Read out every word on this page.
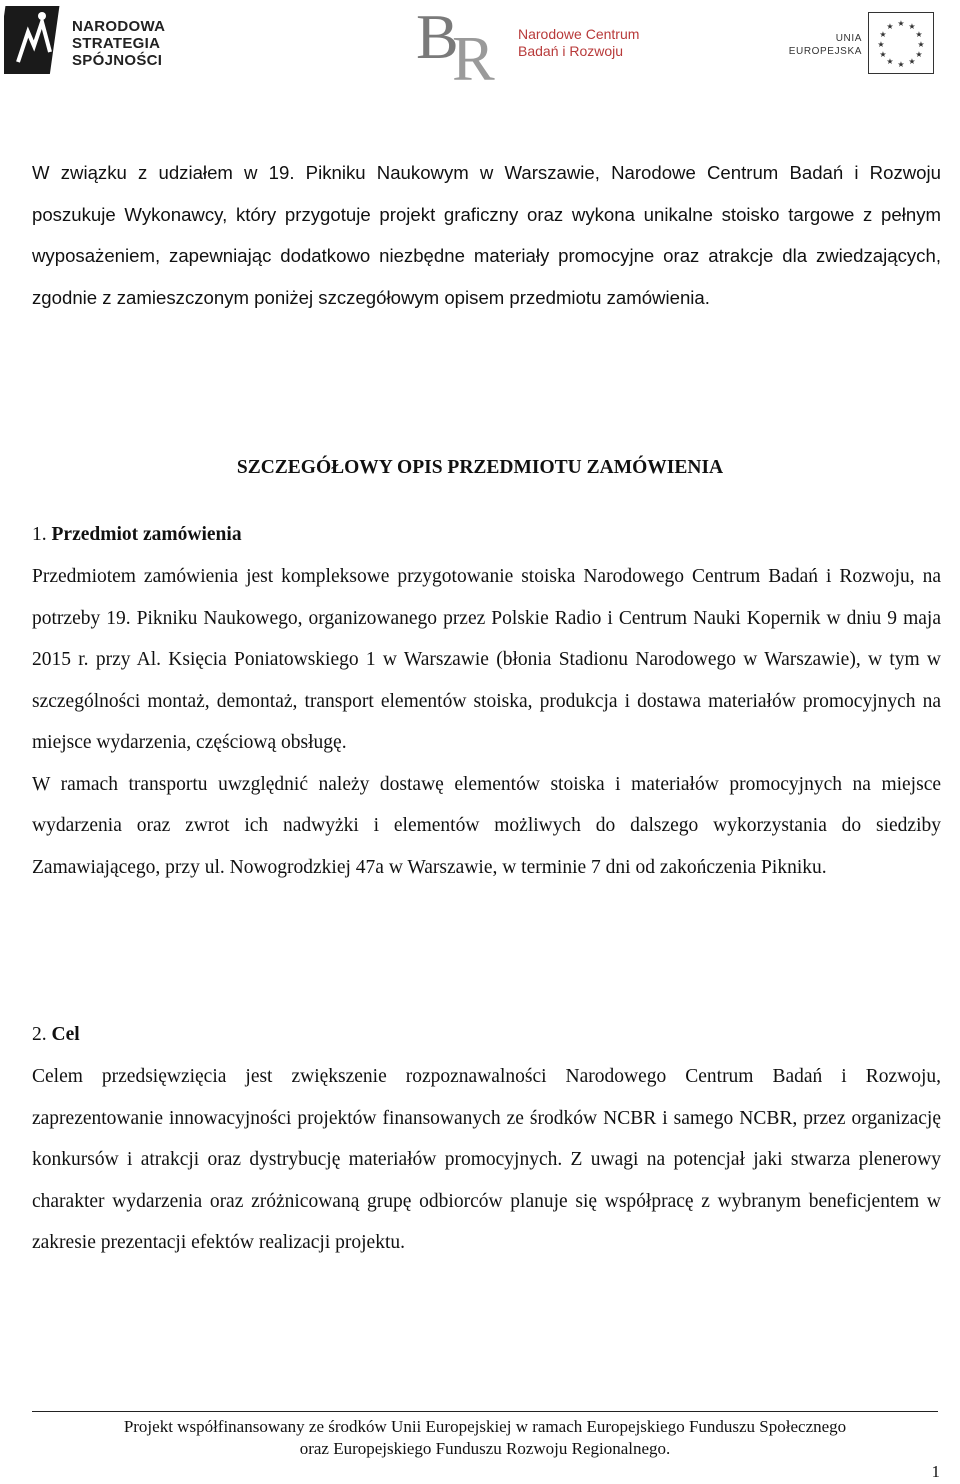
NARODOWA
STRATEGIA SPÓJNOŚCI	B
R Narodowe Centrum
Badań i Rozwoju
UNIA
EUROPEJSKA
★ ★
★
★
★
★
★
★
★
★
★
★

W związku z udziałem w 19. Pikniku Naukowym w Warszawie, Narodowe Centrum Badań i Rozwoju poszukuje Wykonawcy, który przygotuje projekt graficzny oraz wykona unikalne stoisko targowe z pełnym wyposażeniem, zapewniając dodatkowo niezbędne materiały promocyjne oraz atrakcje dla zwiedzających, zgodnie z zamieszczonym poniżej szczegółowym opisem przedmiotu zamówienia.

SZCZEGÓŁOWY OPIS PRZEDMIOTU ZAMÓWIENIA
1. Przedmiot zamówienia

Przedmiotem zamówienia jest kompleksowe przygotowanie stoiska Narodowego Centrum Badań i Rozwoju, na potrzeby 19. Pikniku Naukowego, organizowanego przez Polskie Radio i Centrum Nauki Kopernik w dniu 9 maja 2015 r. przy Al. Księcia Poniatowskiego 1 w Warszawie (błonia Stadionu Narodowego w Warszawie), w tym w szczególności montaż, demontaż, transport elementów stoiska, produkcja i dostawa materiałów promocyjnych na miejsce wydarzenia, częściową obsługę.

W ramach transportu uwzględnić należy dostawę elementów stoiska i materiałów promocyjnych na miejsce wydarzenia oraz zwrot ich nadwyżki i elementów możliwych do dalszego wykorzystania do siedziby Zamawiającego, przy ul. Nowogrodzkiej 47a w Warszawie, w terminie 7 dni od zakończenia Pikniku.

2. Cel

Celem przedsięwzięcia jest zwiększenie rozpoznawalności Narodowego Centrum Badań i Rozwoju, zaprezentowanie innowacyjności projektów finansowanych ze środków NCBR i samego NCBR, przez organizację konkursów i atrakcji oraz dystrybucję materiałów promocyjnych. Z uwagi na potencjał jaki stwarza plenerowy charakter wydarzenia oraz zróżnicowaną grupę odbiorców planuje się współpracę z wybranym beneficjentem w zakresie prezentacji efektów realizacji projektu.

Projekt współfinansowany ze środków Unii Europejskiej w ramach Europejskiego Funduszu Społecznego
oraz Europejskiego Funduszu Rozwoju Regionalnego.
1
